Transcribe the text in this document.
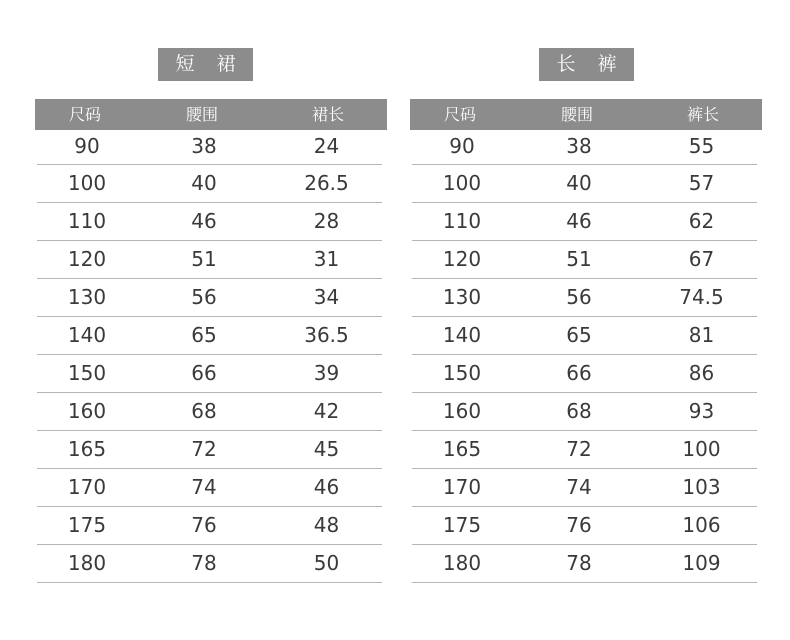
短 裙
尺码	腰围	裙长
90	38	24
100	40	26.5
110	46	28
120	51	31
130	56	34
140	65	36.5
150	66	39
160	68	42
165	72	45
170	74	46
175	76	48
180	78	50
长 裤
尺码	腰围	裤长
90	38	55
100	40	57
110	46	62
120	51	67
130	56	74.5
140	65	81
150	66	86
160	68	93
165	72	100
170	74	103
175	76	106
180	78	109
